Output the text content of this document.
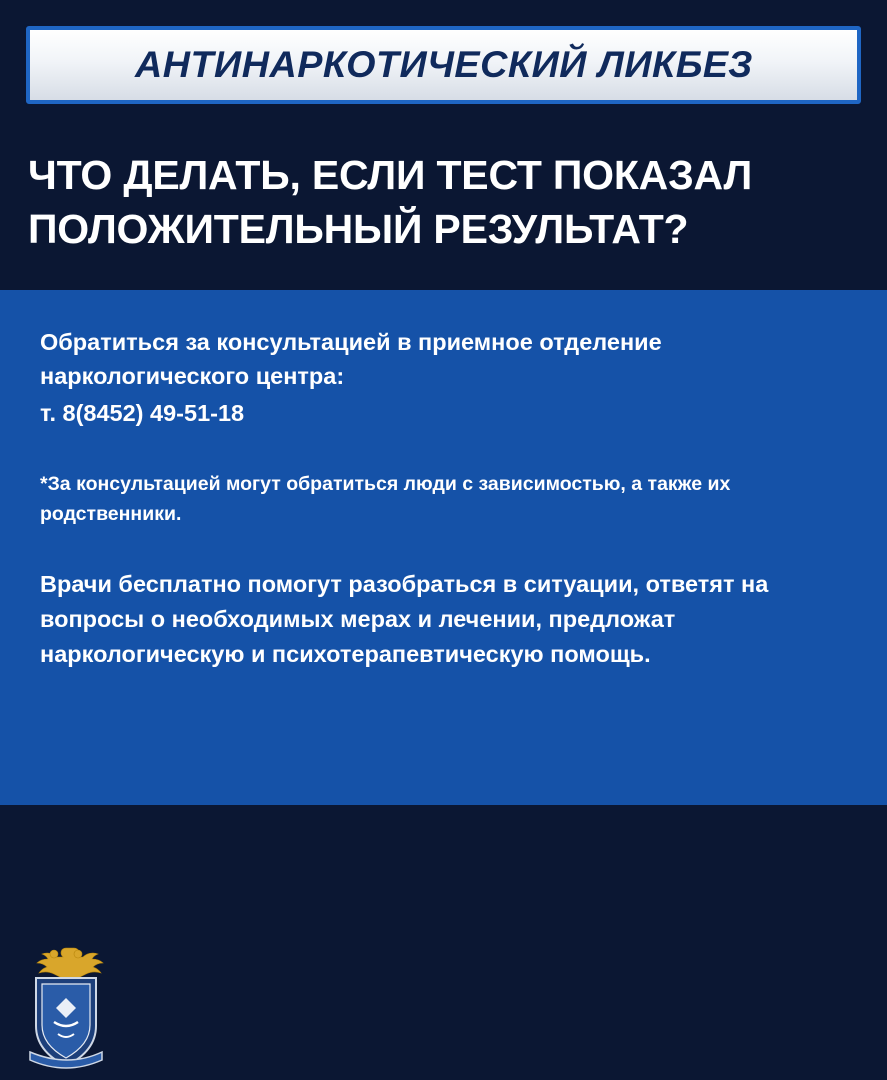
АНТИНАРКОТИЧЕСКИЙ ЛИКБЕЗ
ЧТО ДЕЛАТЬ, ЕСЛИ ТЕСТ ПОКАЗАЛ
ПОЛОЖИТЕЛЬНЫЙ РЕЗУЛЬТАТ?

Обратиться за консультацией в приемное отделение наркологического центра:

т. 8(8452) 49-51-18

*За консультацией могут обратиться люди с зависимостью, а также их родственники.

Врачи бесплатно помогут разобраться в ситуации, ответят на вопросы о необходимых мерах и лечении, предложат наркологическую и психотерапевтическую помощь.
